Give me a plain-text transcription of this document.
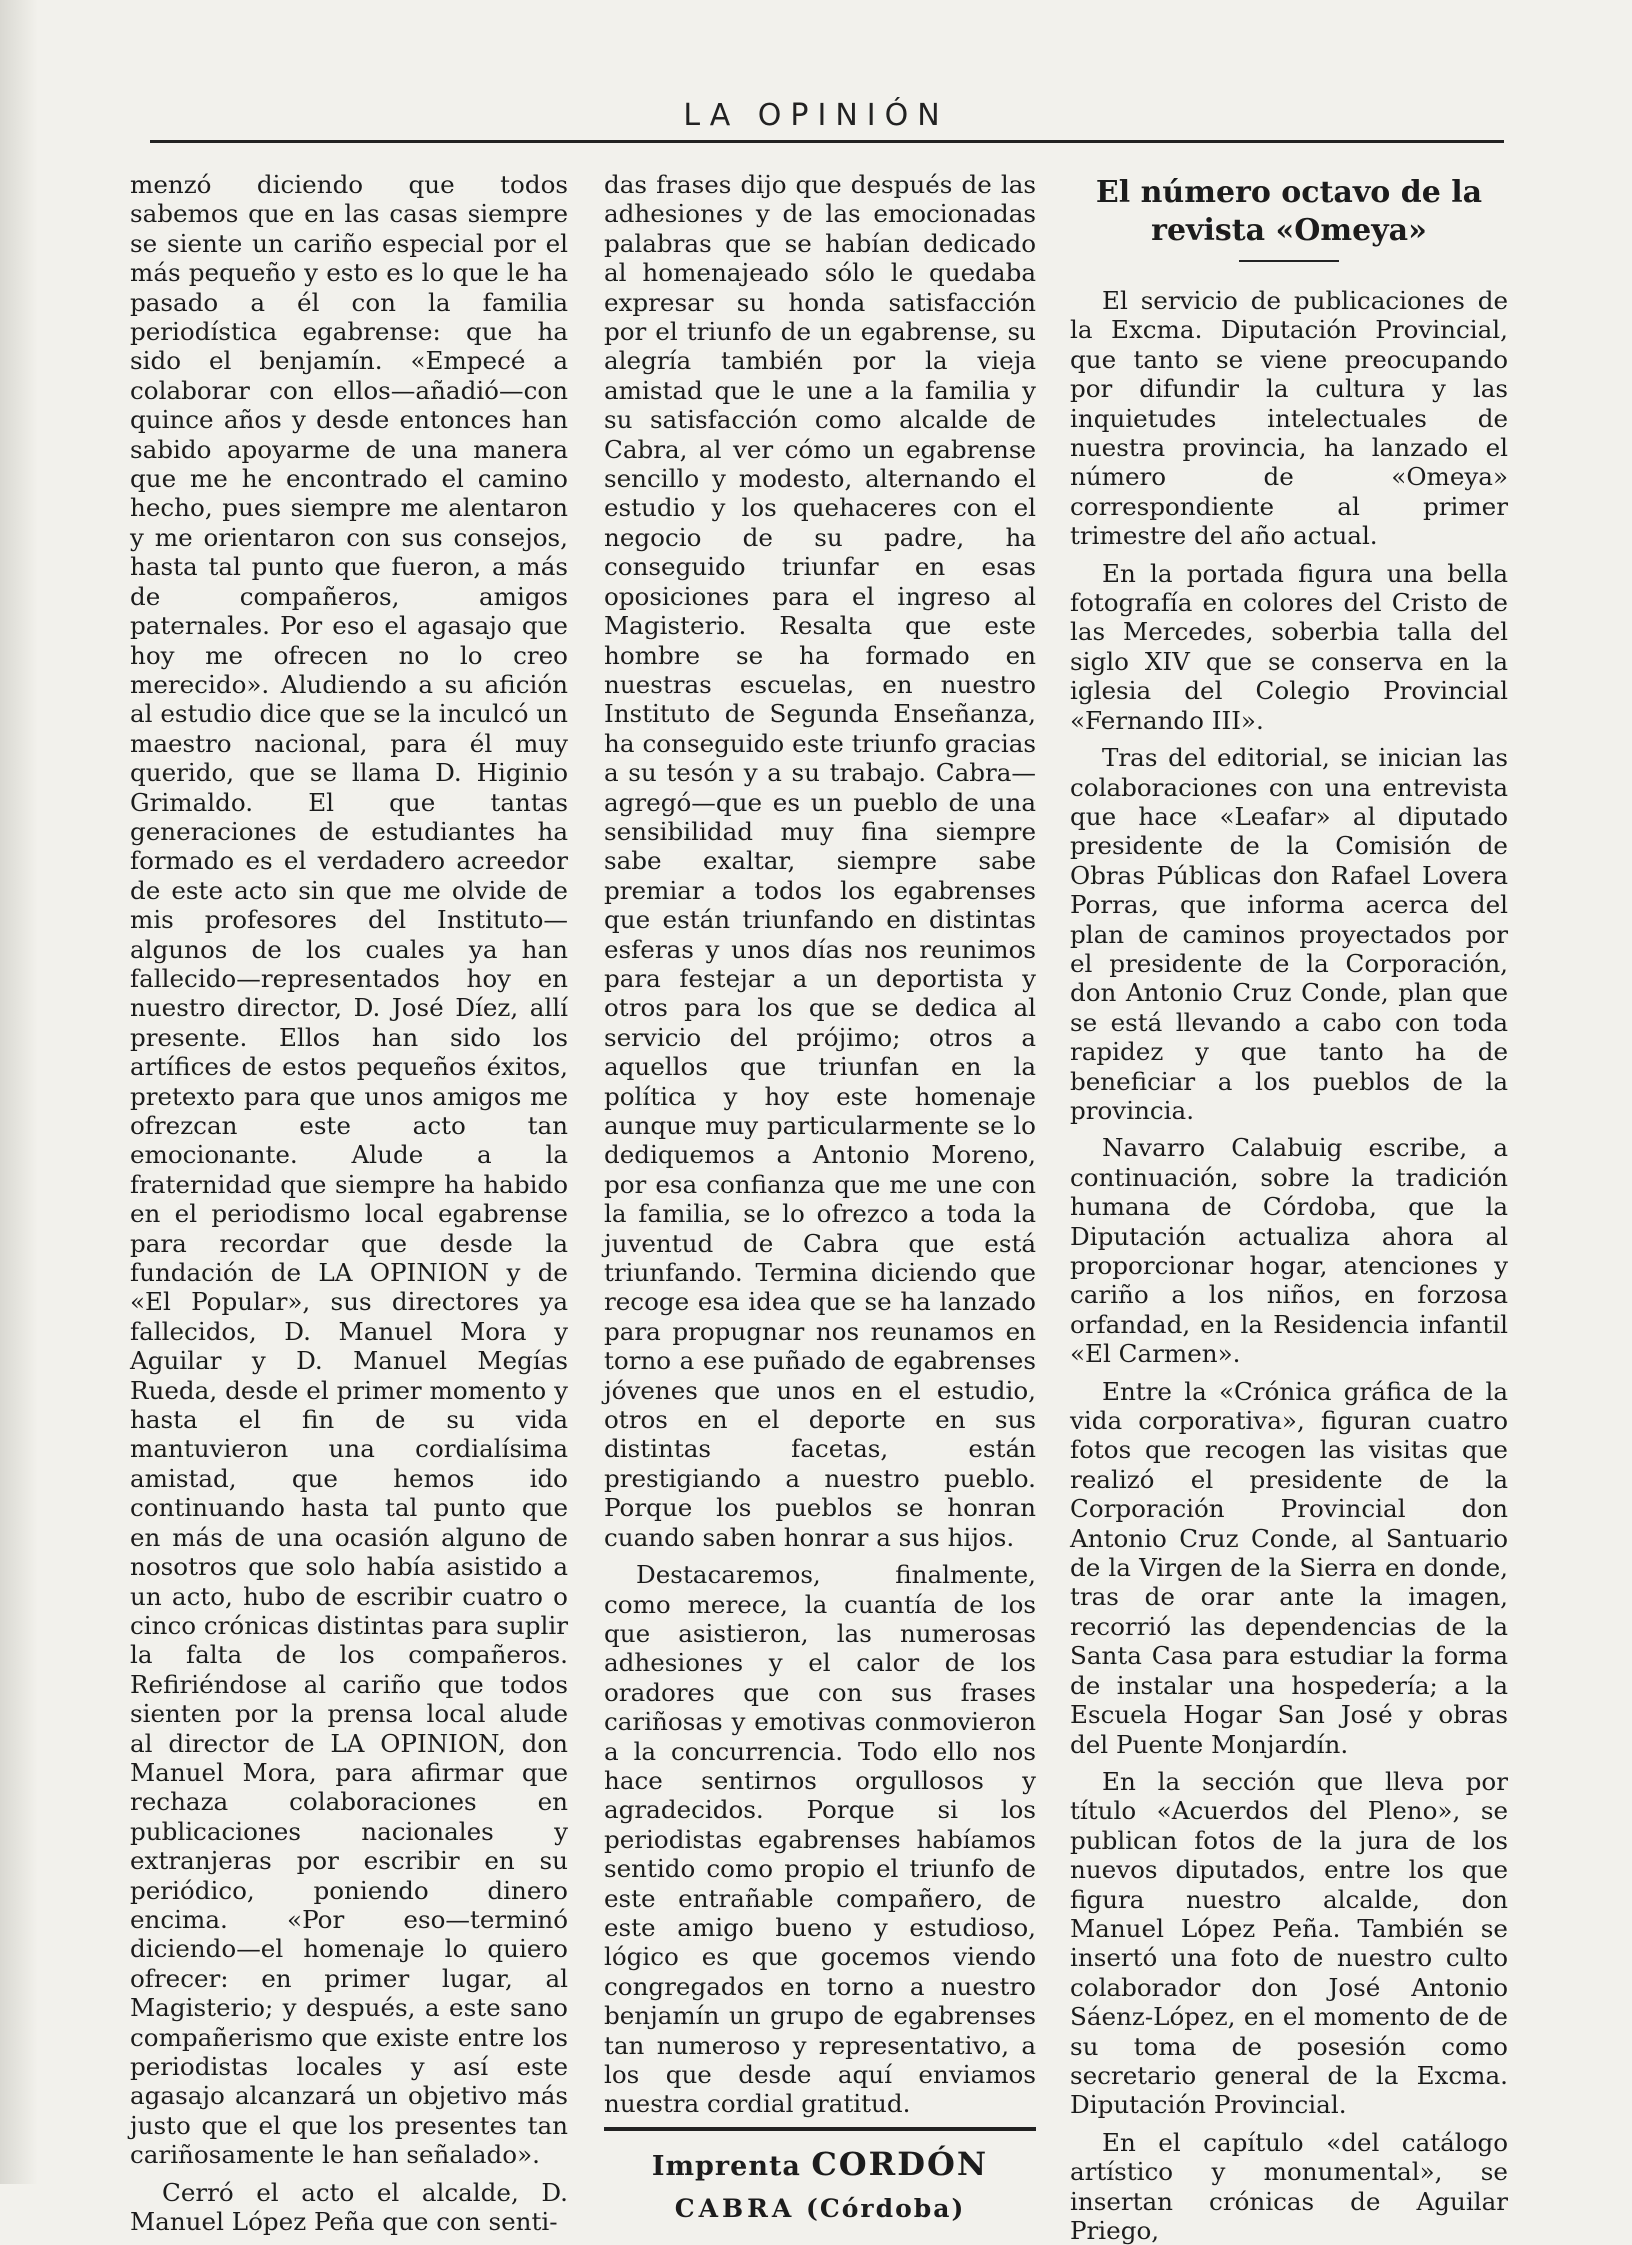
LA OPINIÓN

menzó diciendo que todos sabemos que en las casas siempre se siente un cariño especial por el más pequeño y esto es lo que le ha pasado a él con la familia periodística egabrense: que ha sido el benjamín. «Empecé a colaborar con ellos—añadió—con quince años y desde entonces han sabido apoyarme de una manera que me he encontrado el camino hecho, pues siempre me alentaron y me orientaron con sus consejos, hasta tal punto que fueron, a más de compañeros, amigos paternales. Por eso el agasajo que hoy me ofrecen no lo creo merecido». Aludiendo a su afición al estudio dice que se la inculcó un maestro nacional, para él muy querido, que se llama D. Higinio Grimaldo. El que tantas generaciones de estudiantes ha formado es el verdadero acreedor de este acto sin que me olvide de mis profesores del Instituto—algunos de los cuales ya han fallecido—representados hoy en nuestro director, D. José Díez, allí presente. Ellos han sido los artífices de estos pequeños éxitos, pretexto para que unos amigos me ofrezcan este acto tan emocionante. Alude a la fraternidad que siempre ha habido en el periodismo local egabrense para recordar que desde la fundación de LA OPINION y de «El Popular», sus directores ya fallecidos, D. Manuel Mora y Aguilar y D. Manuel Megías Rueda, desde el primer momento y hasta el fin de su vida mantuvieron una cordialísima amistad, que hemos ido continuando hasta tal punto que en más de una ocasión alguno de nosotros que solo había asistido a un acto, hubo de escribir cuatro o cinco crónicas distintas para suplir la falta de los compañeros. Refiriéndose al cariño que todos sienten por la prensa local alude al director de LA OPINION, don Manuel Mora, para afirmar que rechaza colaboraciones en publicaciones nacionales y extranjeras por escribir en su periódico, poniendo dinero encima. «Por eso—terminó diciendo—el homenaje lo quiero ofrecer: en primer lugar, al Magisterio; y después, a este sano compañerismo que existe entre los periodistas locales y así este agasajo alcanzará un objetivo más justo que el que los presentes tan cariñosamente le han señalado».

Cerró el acto el alcalde, D. Manuel López Peña que con senti-

das frases dijo que después de las adhesiones y de las emocionadas palabras que se habían dedicado al homenajeado sólo le quedaba expresar su honda satisfacción por el triunfo de un egabrense, su alegría también por la vieja amistad que le une a la familia y su satisfacción como alcalde de Cabra, al ver cómo un egabrense sencillo y modesto, alternando el estudio y los quehaceres con el negocio de su padre, ha conseguido triunfar en esas oposiciones para el ingreso al Magisterio. Resalta que este hombre se ha formado en nuestras escuelas, en nuestro Instituto de Segunda Enseñanza, ha conseguido este triunfo gracias a su tesón y a su trabajo. Cabra—agregó—que es un pueblo de una sensibilidad muy fina siempre sabe exaltar, siempre sabe premiar a todos los egabrenses que están triunfando en distintas esferas y unos días nos reunimos para festejar a un deportista y otros para los que se dedica al servicio del prójimo; otros a aquellos que triunfan en la política y hoy este homenaje aunque muy particularmente se lo dediquemos a Antonio Moreno, por esa confianza que me une con la familia, se lo ofrezco a toda la juventud de Cabra que está triunfando. Termina diciendo que recoge esa idea que se ha lanzado para propugnar nos reunamos en torno a ese puñado de egabrenses jóvenes que unos en el estudio, otros en el deporte en sus distintas facetas, están prestigiando a nuestro pueblo. Porque los pueblos se honran cuando saben honrar a sus hijos.

Destacaremos, finalmente, como merece, la cuantía de los que asistieron, las numerosas adhesiones y el calor de los oradores que con sus frases cariñosas y emotivas conmovieron a la concurrencia. Todo ello nos hace sentirnos orgullosos y agradecidos. Porque si los periodistas egabrenses habíamos sentido como propio el triunfo de este entrañable compañero, de este amigo bueno y estudioso, lógico es que gocemos viendo congregados en torno a nuestro benjamín un grupo de egabrenses tan numeroso y representativo, a los que desde aquí enviamos nuestra cordial gratitud.

Imprenta CORDÓN
CABRA (Córdoba)
El número octavo de la revista «Omeya»

El servicio de publicaciones de la Excma. Diputación Provincial, que tanto se viene preocupando por difundir la cultura y las inquietudes intelectuales de nuestra provincia, ha lanzado el número de «Omeya» correspondiente al primer trimestre del año actual.

En la portada figura una bella fotografía en colores del Cristo de las Mercedes, soberbia talla del siglo XIV que se conserva en la iglesia del Colegio Provincial «Fernando III».

Tras del editorial, se inician las colaboraciones con una entrevista que hace «Leafar» al diputado presidente de la Comisión de Obras Públicas don Rafael Lovera Porras, que informa acerca del plan de caminos proyectados por el presidente de la Corporación, don Antonio Cruz Conde, plan que se está llevando a cabo con toda rapidez y que tanto ha de beneficiar a los pueblos de la provincia.

Navarro Calabuig escribe, a continuación, sobre la tradición humana de Córdoba, que la Diputación actualiza ahora al proporcionar hogar, atenciones y cariño a los niños, en forzosa orfandad, en la Residencia infantil «El Carmen».

Entre la «Crónica gráfica de la vida corporativa», figuran cuatro fotos que recogen las visitas que realizó el presidente de la Corporación Provincial don Antonio Cruz Conde, al Santuario de la Virgen de la Sierra en donde, tras de orar ante la imagen, recorrió las dependencias de la Santa Casa para estudiar la forma de instalar una hospedería; a la Escuela Hogar San José y obras del Puente Monjardín.

En la sección que lleva por título «Acuerdos del Pleno», se publican fotos de la jura de los nuevos diputados, entre los que figura nuestro alcalde, don Manuel López Peña. También se insertó una foto de nuestro culto colaborador don José Antonio Sáenz-López, en el momento de de su toma de posesión como secretario general de la Excma. Diputación Provincial.

En el capítulo «del catálogo artístico y monumental», se insertan crónicas de Aguilar Priego,
